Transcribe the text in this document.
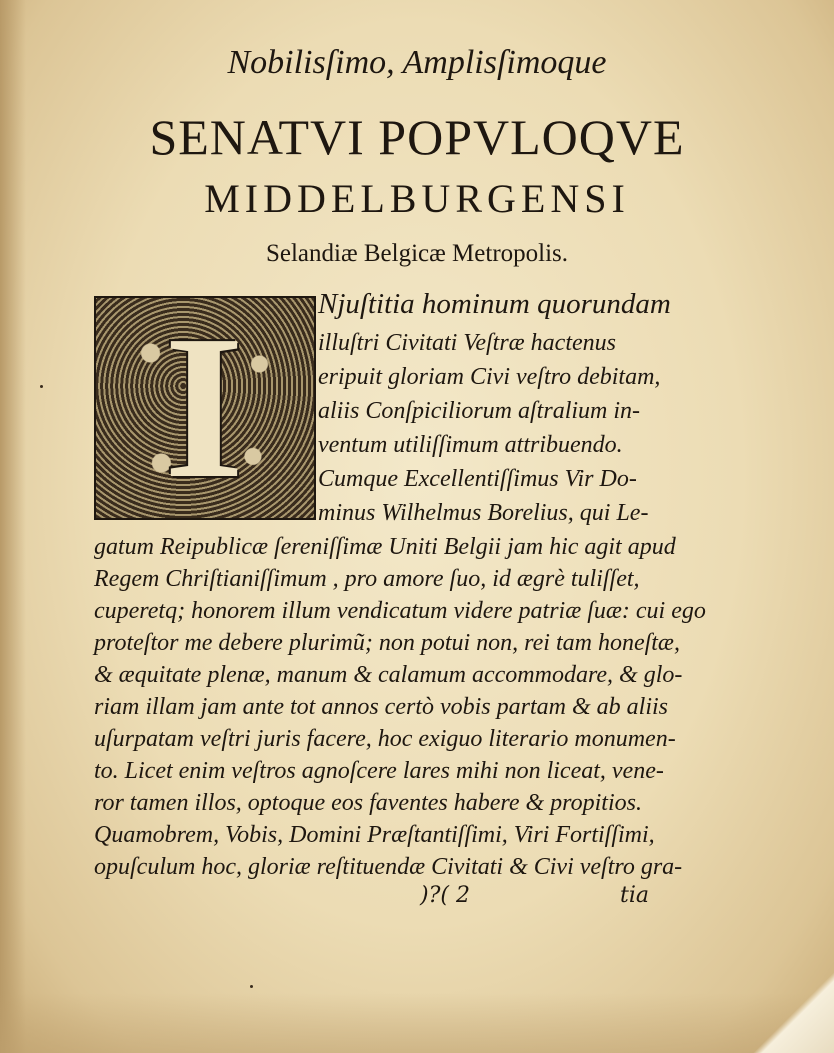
Nobilisſimo, Amplisſimoque
SENATVI POPVLOQVE
MIDDELBURGENSI
Selandiæ Belgicæ Metropolis.
I	Njuſtitia hominum quorundam
illuſtri Civitati Veſtræ hactenus
eripuit gloriam Civi veſtro debitam,
aliis Conſpiciliorum aſtralium in-
ventum utiliſſimum attribuendo.
Cumque Excellentiſſimus Vir Do-
minus Wilhelmus Borelius, qui Le-
gatum Reipublicæ ſereniſſimæ Uniti Belgii jam hic agit apud
Regem Chriſtianiſſimum , pro amore ſuo, id ægrè tuliſſet,
cuperetq; honorem illum vendicatum videre patriæ ſuæ: cui ego
proteſtor me debere plurimũ; non potui non, rei tam honeſtæ,
& æquitate plenæ, manum & calamum accommodare, & glo-
riam illam jam ante tot annos certò vobis partam & ab aliis
uſurpatam veſtri juris facere, hoc exiguo literario monumen-
to. Licet enim veſtros agnoſcere lares mihi non liceat, vene-
ror tamen illos, optoque eos faventes habere & propitios.
Quamobrem, Vobis, Domini Præſtantiſſimi, Viri Fortiſſimi,
opuſculum hoc, gloriæ reſtituendæ Civitati & Civi veſtro gra-
)?( 2	tia
